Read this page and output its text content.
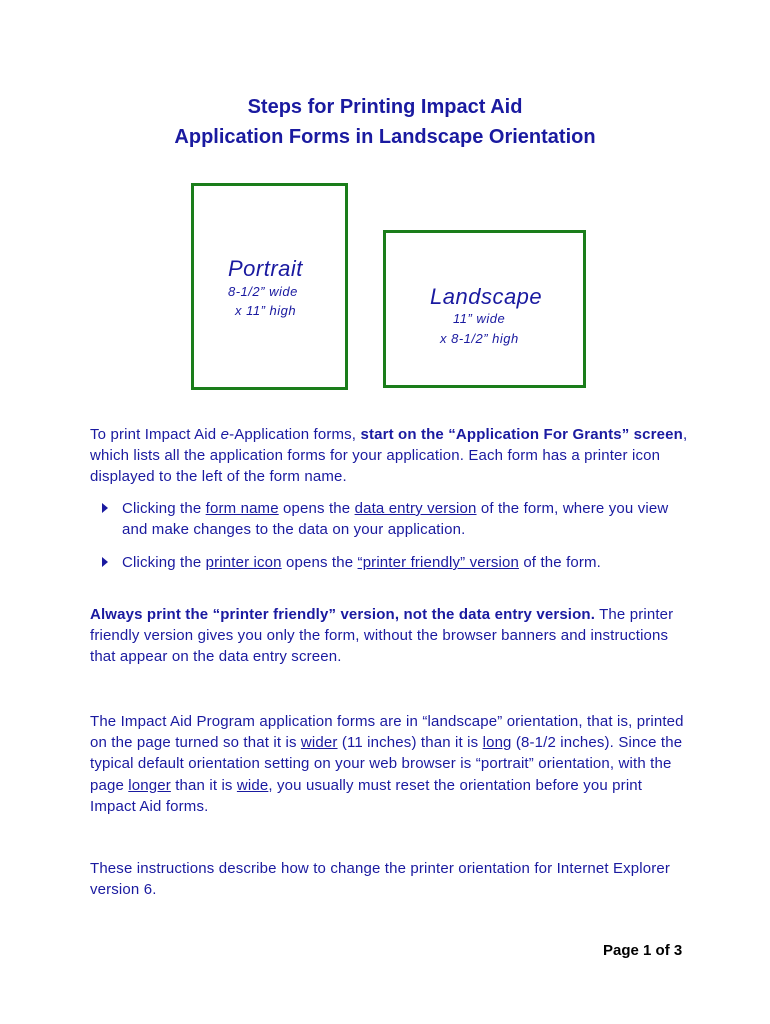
Steps for Printing Impact Aid
Application Forms in Landscape Orientation
Portrait
8-1/2” wide
x 11” high
Landscape
11” wide
x 8-1/2” high
To print Impact Aid e-Application forms, start on the “Application For Grants” screen, which lists all the application forms for your application. Each form has a printer icon displayed to the left of the form name.
Clicking the form name opens the data entry version of the form, where you view and make changes to the data on your application.
Clicking the printer icon opens the “printer friendly” version of the form.
Always print the “printer friendly” version, not the data entry version. The printer friendly version gives you only the form, without the browser banners and instructions that appear on the data entry screen.
The Impact Aid Program application forms are in “landscape” orientation, that is, printed on the page turned so that it is wider (11 inches) than it is long (8-1/2 inches). Since the typical default orientation setting on your web browser is “portrait” orientation, with the page longer than it is wide, you usually must reset the orientation before you print Impact Aid forms.
These instructions describe how to change the printer orientation for Internet Explorer version 6.
Page 1 of 3
